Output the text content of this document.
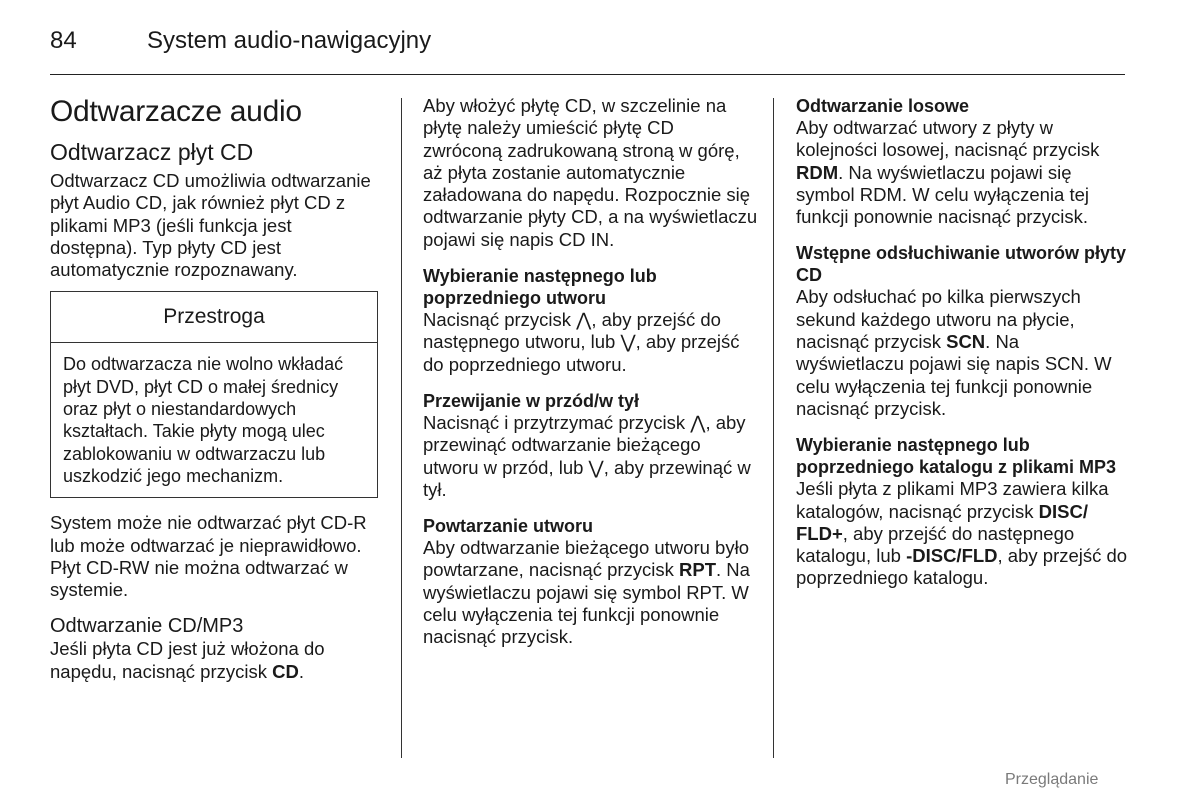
84	System audio-nawigacyjny
Odtwarzacze audio
Odtwarzacz płyt CD

Odtwarzacz CD umożliwia odtwarzanie płyt Audio CD, jak również płyt CD z plikami MP3 (jeśli funkcja jest dostępna). Typ płyty CD jest automatycznie rozpoznawany.

Przestroga

Do odtwarzacza nie wolno wkładać płyt DVD, płyt CD o małej średnicy oraz płyt o niestandardowych kształtach. Takie płyty mogą ulec zablokowaniu w odtwarzaczu lub uszkodzić jego mechanizm.

System może nie odtwarzać płyt CD-R lub może odtwarzać je nieprawidłowo. Płyt CD-RW nie można odtwarzać w systemie.

Odtwarzanie CD/MP3

Jeśli płyta CD jest już włożona do napędu, nacisnąć przycisk CD.

Aby włożyć płytę CD, w szczelinie na płytę należy umieścić płytę CD zwróconą zadrukowaną stroną w górę, aż płyta zostanie automatycznie załadowana do napędu. Rozpocznie się odtwarzanie płyty CD, a na wyświetlaczu pojawi się napis CD IN.

Wybieranie następnego lub poprzedniego utworu

Nacisnąć przycisk ⋀, aby przejść do następnego utworu, lub ⋁, aby przejść do poprzedniego utworu.

Przewijanie w przód/w tył

Nacisnąć i przytrzymać przycisk ⋀, aby przewinąć odtwarzanie bieżącego utworu w przód, lub ⋁, aby przewinąć w tył.

Powtarzanie utworu

Aby odtwarzanie bieżącego utworu było powtarzane, nacisnąć przycisk RPT. Na wyświetlaczu pojawi się symbol RPT. W celu wyłączenia tej funkcji ponownie nacisnąć przycisk.

Odtwarzanie losowe

Aby odtwarzać utwory z płyty w kolejności losowej, nacisnąć przycisk RDM. Na wyświetlaczu pojawi się symbol RDM. W celu wyłączenia tej funkcji ponownie nacisnąć przycisk.

Wstępne odsłuchiwanie utworów płyty CD

Aby odsłuchać po kilka pierwszych sekund każdego utworu na płycie, nacisnąć przycisk SCN. Na wyświetlaczu pojawi się napis SCN. W celu wyłączenia tej funkcji ponownie nacisnąć przycisk.

Wybieranie następnego lub poprzedniego katalogu z plikami MP3

Jeśli płyta z plikami MP3 zawiera kilka katalogów, nacisnąć przycisk DISC/ FLD+, aby przejść do następnego katalogu, lub -DISC/FLD, aby przejść do poprzedniego katalogu.

Przeglądanie
